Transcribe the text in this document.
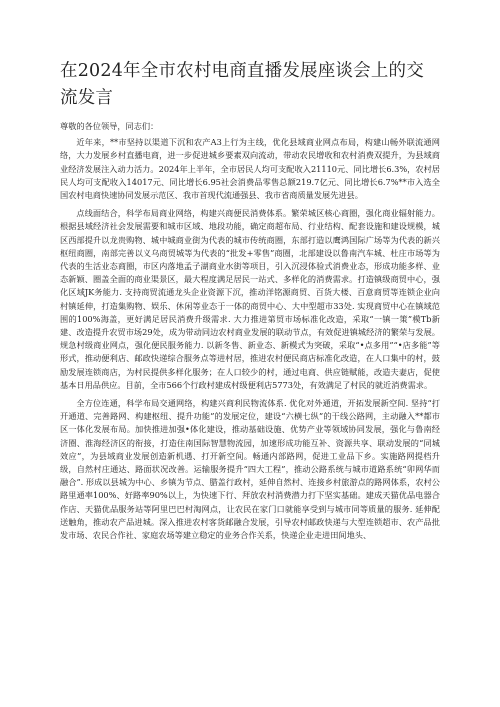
在2024年全市农村电商直播发展座谈会上的交流发言

尊敬的各位领导，同志们：

近年来，**市坚持以渠道下沉和农产A3上行为主线，优化县域商业网点布局，构建山畅外联流通网络，大力发展乡村直播电商，进一步促进城乡要素双向流动，带动农民增收和农村消费双提升，为县域商业经济发展注入动力活力。2024年上半年，全市居民人均可支配收入21110元、同比增长6.3%，农村居民人均可支配收入14017元、同比增长6.95社会消费品零售总额219.7亿元、同比增长6.7%**市入选全国农村电商快速协同发展示范区、我市首现代流通强县、我市省商质量发展先进县。

点线面结合，科学布局商业网络，构建兴商便民消费体系。繁荣城区核心商圈，强化商业辐射能力。根据县域经济社会发展需要和城市区域、地段功能，确定商超布局、行业结构、配套设施和建设规模，城区西部提升以龙贵购物、城中城商业街为代表的城市传统商圈，东部打造以鹰鸿国际广场等为代表的新兴枢纽商圈，南部完善以义乌商贸城等为代表的“批发+零售”商圈，北部建设以鲁南汽车城、杜庄市场等为代表的生活业态商圈，市区内落地孟子湖商业水街等项目，引入沉浸体验式消费业态，形成功能多样、业态新颖、圈盖全面的商业渠景区，最大程度满足居民一站式、多样化的消费需求。打造镇级商贸中心，强化区域JK务能力. 支持商贸流通龙头企业资源下沉，推动洋铭源商贸、百货大楼、百意商贸等连锁企业向村镇延伸，打造集购物、娱乐、休闲等业态于一体的商贸中心、大中型超市33处. 实现商贸中心在镇域范围的100%海盖，更好满足居民消费升级需求. 大力推进第贸市场标准化改造，采取“一镇一策”模Tb新建、改造提升农贸市场29处，成为带动同边农村商业发展的联动节点，有效促进镇城经济的繁荣与发展。规急村级商业网点，强化便民服务能力. 以新冬售、新业态、新模式为突破，采取“•点多用”“•店多能”等形式，推动便利店、邮政快递综合服务点等进村居，推进农村便民商店标准化改造，在人口集中的村，鼓励发展连锁商店，为村民提供多样化服务；在人口较少的村，通过电商、供应链赋能，改造夫妻店，促使基本日用品供应。目前，全市566个行政村建成村级便利店5773处，有效满足了村民的就近消费需求。

全方位连通，科学布局交通网络，构建兴商利民物流体系. 优化对外通道，开拓发展新空间. 坚持“打开通道、完善路网、构建枢纽、提升功能”的发展定位，建设“六横七纵”的干线公路网，主动融入**都市区一体化发展布局。加快推进加强•体化建设，推动基础设施、优势产业等领域协同发展，强化与鲁南经济圈、淮海经济区的衔接，打造住南国际智慧物流园，加速形成功能互补、资源共享、联动发展的“同城效应”，为县域商业发展创造新机遇、打开新空间。畅通内部路网，促进工业品下乡。实施路网提档升级，自然村庄通达、路面状况改善。运输服务提升“四大工程”，推动公路系统与城市道路系统“卯网华而融合”. 形成以县城为中心、乡镇为节点、腊盖行政村，延伸自然村、连接乡村旅游点的路网体系，农村公路里通率100%、好路率90%以上，为快速下行、拜放农村消费潜力打下坚实基础。建成天猫优品电器合作店、天猫优品服务站等阿里巴巴村淘网点，让农民在家门口就能享受到与城市同等质量的服务. 延伸配送触角，推动农产品进城。深入推进农村客货邮融合发展，引导农村邮政快递与大型连锁超市、农产品批发市场、农民合作社、家庭农场等建立稳定的业务合作关系，快递企业走进田间地头、
